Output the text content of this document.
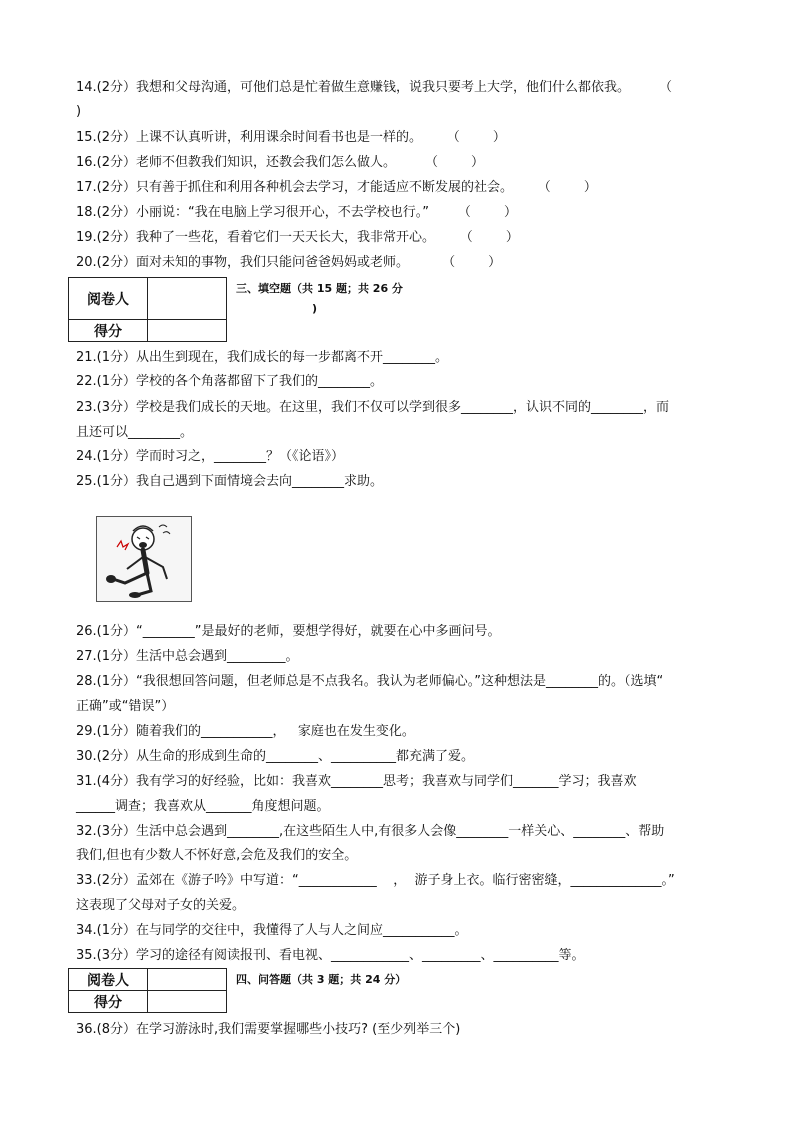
14.(2分）我想和父母沟通，可他们总是忙着做生意赚钱，说我只要考上大学，他们什么都依我。       （
)
15.(2分）上课不认真听讲，利用课余时间看书也是一样的。      （        ）
16.(2分）老师不但教我们知识，还教会我们怎么做人。       （        ）
17.(2分）只有善于抓住和利用各种机会去学习，才能适应不断发展的社会。      （        ）
18.(2分）小丽说：“我在电脑上学习很开心，不去学校也行。”       （        ）
19.(2分）我种了一些花，看着它们一天天长大，我非常开心。      （        ）
20.(2分）面对未知的事物，我们只能问爸爸妈妈或老师。        （        ）
阅卷人	
得分	
三、填空题（共 15 题；共 26 分
)
21.(1分）从出生到现在，我们成长的每一步都离不开________。
22.(1分）学校的各个角落都留下了我们的________。
23.(3分）学校是我们成长的天地。在这里，我们不仅可以学到很多________，认识不同的________，而
且还可以________。
24.(1分）学而时习之，________？（《论语》）
25.(1分）我自己遇到下面情境会去向________求助。
26.(1分）“________”是最好的老师，要想学得好，就要在心中多画问号。
27.(1分）生活中总会遇到_________。
28.(1分）“我很想回答问题，但老师总是不点我名。我认为老师偏心。”这种想法是________的。（选填“
正确”或“错误”）
29.(1分）随着我们的___________，   家庭也在发生变化。
30.(2分）从生命的形成到生命的________、__________都充满了爱。
31.(4分）我有学习的好经验，比如：我喜欢________思考；我喜欢与同学们_______学习；我喜欢
______调查；我喜欢从_______角度想问题。
32.(3分）生活中总会遇到________,在这些陌生人中,有很多人会像________一样关心、________、帮助
我们,但也有少数人不怀好意,会危及我们的安全。
33.(2分）孟郊在《游子吟》中写道：“____________    ，  游子身上衣。临行密密缝，______________。”
这表现了父母对子女的关爱。
34.(1分）在与同学的交往中，我懂得了人与人之间应___________。
35.(3分）学习的途径有阅读报刊、看电视、____________、_________、__________等。
阅卷人	
得分	
四、问答题（共 3 题；共 24 分）
36.(8分）在学习游泳时,我们需要掌握哪些小技巧? (至少列举三个)
